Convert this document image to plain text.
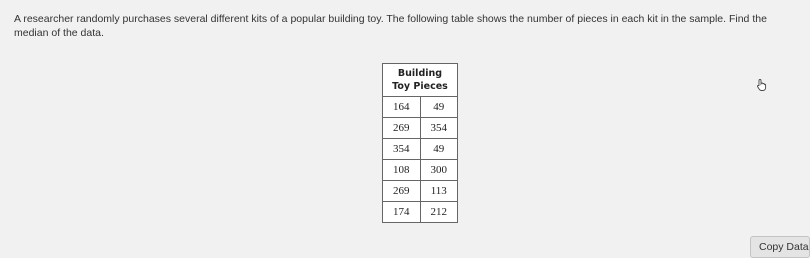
A researcher randomly purchases several different kits of a popular building toy. The following table shows the number of pieces in each kit in the sample. Find the median of the data.
Building
Toy Pieces
164	49
269	354
354	49
108	300
269	113
174	212
Copy Data
